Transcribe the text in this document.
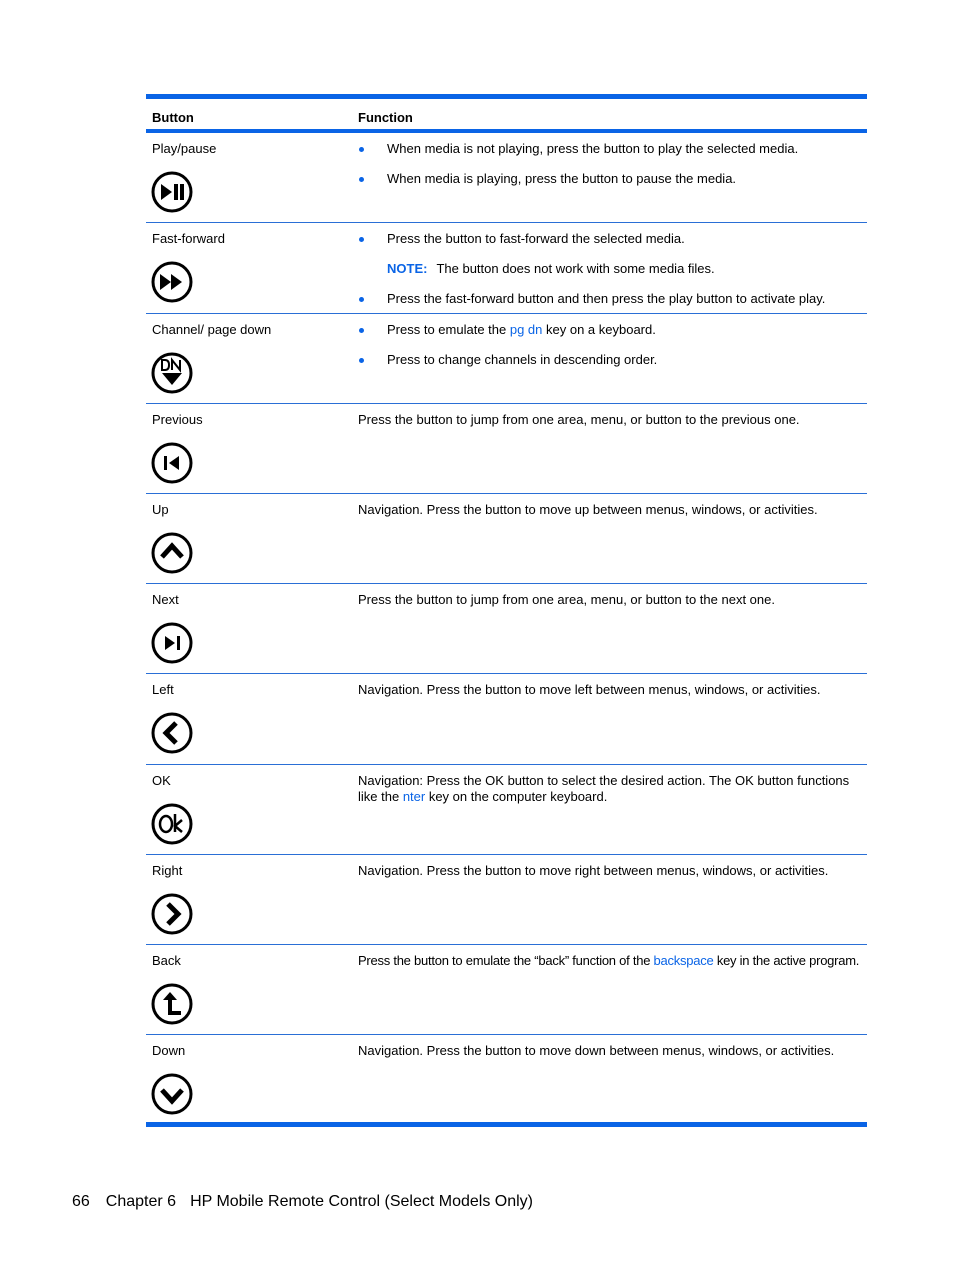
Button	Function
Play/pause	When media is not playing, press the button to play the selected media.
When media is playing, press the button to pause the media.
Fast-forward	Press the button to fast-forward the selected media.
NOTE: The button does not work with some media files.
Press the fast-forward button and then press the play button to activate play.
Channel/ page down	Press to emulate the pg dn key on a keyboard.
Press to change channels in descending order.
Previous	Press the button to jump from one area, menu, or button to the previous one.
Up	Navigation. Press the button to move up between menus, windows, or activities.
Next	Press the button to jump from one area, menu, or button to the next one.
Left	Navigation. Press the button to move left between menus, windows, or activities.
OK	Navigation: Press the OK button to select the desired action. The OK button functions like the nter key on the computer keyboard.
Right	Navigation. Press the button to move right between menus, windows, or activities.
Back	Press the button to emulate the “back” function of the backspace key in the active program.
Down	Navigation. Press the button to move down between menus, windows, or activities.
66 Chapter 6 HP Mobile Remote Control (Select Models Only)
